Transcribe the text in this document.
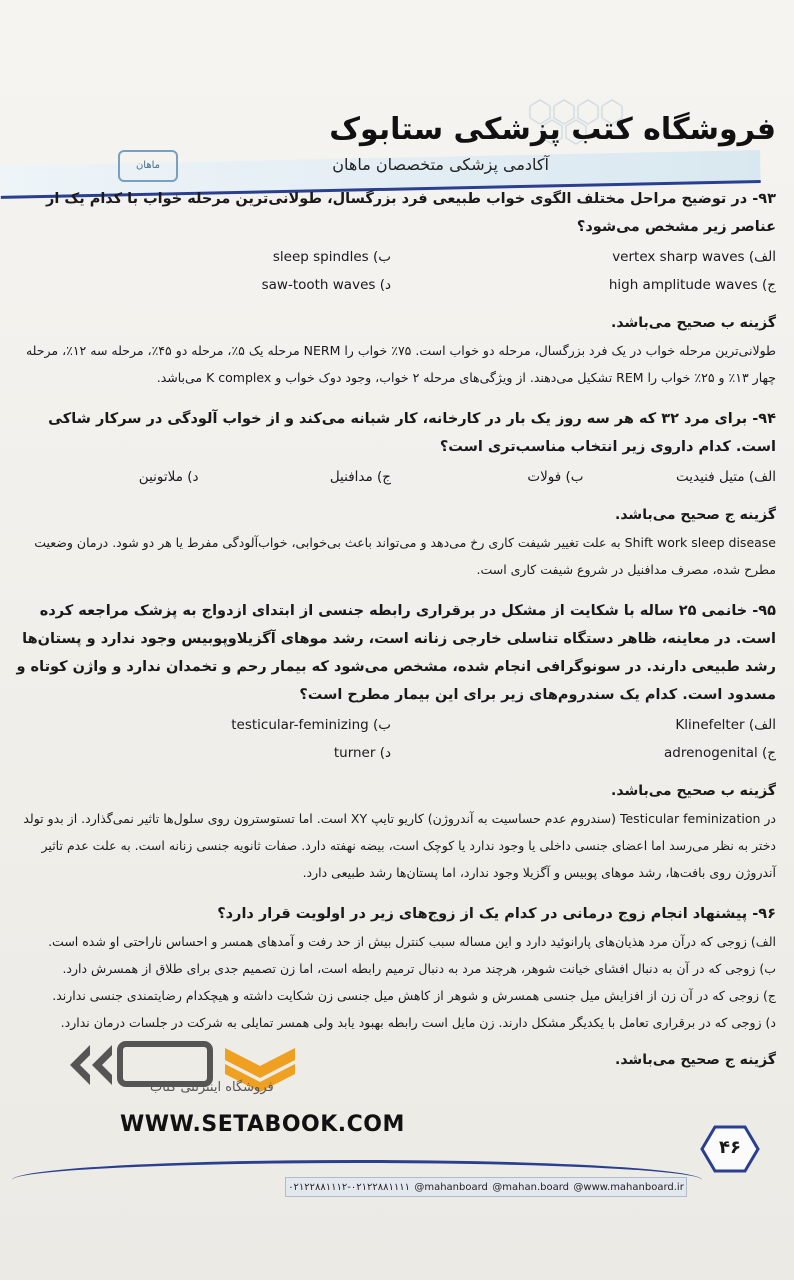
فروشگاه کتب پزشکی ستابوک
آکادمی پزشکی متخصصان ماهان
ماهان
۹۳- در توضیح مراحل مختلف الگوی خواب طبیعی فرد بزرگسال، طولانی‌ترین مرحله خواب با کدام یک از عناصر زیر مشخص می‌شود؟
الف) vertex sharp waves
ب) sleep spindles
ج) high amplitude waves
د) saw-tooth waves
گزینه ب صحیح می‌باشد.
طولانی‌ترین مرحله خواب در یک فرد بزرگسال، مرحله دو خواب است. ۷۵٪ خواب را NERM مرحله یک ۵٪، مرحله دو ۴۵٪، مرحله سه ۱۲٪، مرحله چهار ۱۳٪ و ۲۵٪ خواب را REM تشکیل می‌دهند. از ویژگی‌های مرحله ۲ خواب، وجود دوک خواب و K complex می‌باشد.
۹۴- برای مرد ۳۲ که هر سه روز یک بار در کارخانه، کار شبانه می‌کند و از خواب آلودگی در سرکار شاکی است. کدام داروی زیر انتخاب مناسب‌تری است؟
الف) متیل فنیدیت
ب) فولات
ج) مدافنیل
د) ملاتونین
گزینه ج صحیح می‌باشد.
Shift work sleep disease به علت تغییر شیفت کاری رخ می‌دهد و می‌تواند باعث بی‌خوابی، خواب‌آلودگی مفرط یا هر دو شود. درمان وضعیت مطرح شده، مصرف مدافنیل در شروع شیفت کاری است.
۹۵- خانمی ۲۵ ساله با شکایت از مشکل در برقراری رابطه جنسی از ابتدای ازدواج به پزشک مراجعه کرده است. در معاینه، ظاهر دستگاه تناسلی خارجی زنانه است، رشد موهای آگزیلاوپوبیس وجود ندارد و پستان‌ها رشد طبیعی دارند. در سونوگرافی انجام شده، مشخص می‌شود که بیمار رحم و تخمدان ندارد و واژن کوتاه و مسدود است. کدام یک سندروم‌های زیر برای این بیمار مطرح است؟
الف) Klinefelter
ب) testicular-feminizing
ج) adrenogenital
د) turner
گزینه ب صحیح می‌باشد.
در Testicular feminization (سندروم عدم حساسیت به آندروژن) کاریو تایپ XY است. اما تستوسترون روی سلول‌ها تاثیر نمی‌گذارد. از بدو تولد دختر به نظر می‌رسد اما اعضای جنسی داخلی یا وجود ندارد یا کوچک است، بیضه نهفته دارد. صفات ثانویه جنسی زنانه است. به علت عدم تاثیر آندروژن روی بافت‌ها، رشد موهای پوبیس و آگزیلا وجود ندارد، اما پستان‌ها رشد طبیعی دارد.
۹۶- پیشنهاد انجام زوج درمانی در کدام یک از زوج‌های زیر در اولویت قرار دارد؟
الف) زوجی که درآن مرد هذیان‌های پارانوئید دارد و این مساله سبب کنترل بیش از حد رفت و آمدهای همسر و احساس ناراحتی او شده است.
ب) زوجی که در آن به دنبال افشای خیانت شوهر، هرچند مرد به دنبال ترمیم رابطه است، اما زن تصمیم جدی برای طلاق از همسرش دارد.
ج) زوجی که در آن زن از افزایش میل جنسی همسرش و شوهر از کاهش میل جنسی زن شکایت داشته و هیچکدام رضایتمندی جنسی ندارند.
د) زوجی که در برقراری تعامل با یکدیگر مشکل دارند. زن مایل است رابطه بهبود یابد ولی همسر تمایلی به شرکت در جلسات درمان ندارد.
گزینه ج صحیح می‌باشد.
فروشگاه اینترنتی کتاب
WWW.SETABOOK.COM
۴۶
۰۲۱۲۲۸۸۱۱۱۲-۰۲۱۲۲۸۸۱۱۱۱ @mahanboard @mahan.board @www.mahanboard.ir
